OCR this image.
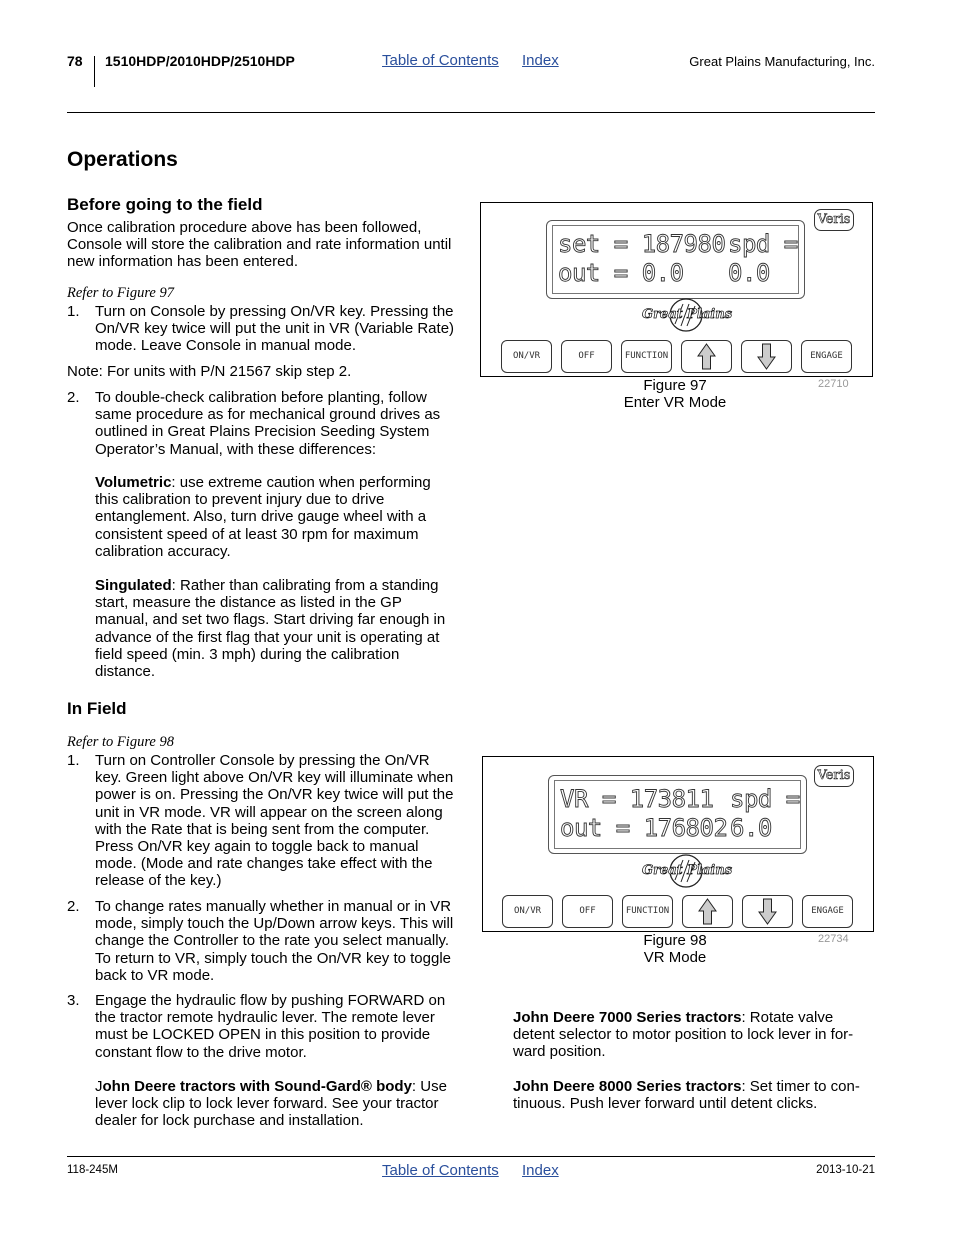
78 1510HDP/2010HDP/2510HDP	Table of Contents Index	Great Plains Manufacturing, Inc.
Operations
Before going to the field
Once calibration procedure above has been followed, Console will store the calibration and rate information until new information has been entered.
Refer to Figure 97
1. Turn on Console by pressing On/VR key. Pressing the On/VR key twice will put the unit in VR (Variable Rate) mode. Leave Console in manual mode.
Note: For units with P/N 21567 skip step 2.
2. To double-check calibration before planting, follow same procedure as for mechanical ground drives as outlined in Great Plains Precision Seeding System Operator’s Manual, with these differences:
Volumetric: use extreme caution when performing this calibration to prevent injury due to drive entanglement. Also, turn drive gauge wheel with a consistent speed of at least 30 rpm for maximum calibration accuracy.
Singulated: Rather than calibrating from a standing start, measure the distance as listed in the GP manual, and set two flags. Start driving far enough in advance of the first flag that your unit is operating at field speed (min. 3 mph) during the calibration distance.
In Field
Refer to Figure 98
1. Turn on Controller Console by pressing the On/VR key. Green light above On/VR key will illuminate when power is on. Pressing the On/VR key twice will put the unit in VR mode. VR will appear on the screen along with the Rate that is being sent from the computer. Press On/VR key again to toggle back to manual mode. (Mode and rate changes take effect with the release of the key.)
2. To change rates manually whether in manual or in VR mode, simply touch the Up/Down arrow keys. This will change the Controller to the rate you select manually. To return to VR, simply touch the On/VR key to toggle back to VR mode.
3. Engage the hydraulic flow by pushing FORWARD on the tractor remote hydraulic lever. The remote lever must be LOCKED OPEN in this position to provide constant flow to the drive motor.
John Deere tractors with Sound-Gard® body: Use lever lock clip to lock lever forward. See your tractor dealer for lock purchase and installation.
John Deere 7000 Series tractors: Rotate valve detent selector to motor position to lock lever in for-ward position.
John Deere 8000 Series tractors: Set timer to con-tinuous. Push lever forward until detent clicks.
Veris
set = 187980 spd =
out = 0.0 0.0
Great Plains
ON/VR	OFF	FUNCTION	ENGAGE
Figure 97
Enter VR Mode
22710
Veris
VR = 173811 spd =
out = 176802 6.0
Great Plains
ON/VR	OFF	FUNCTION	ENGAGE
Figure 98
VR Mode
22734
118-245M	Table of Contents Index	2013-10-21
